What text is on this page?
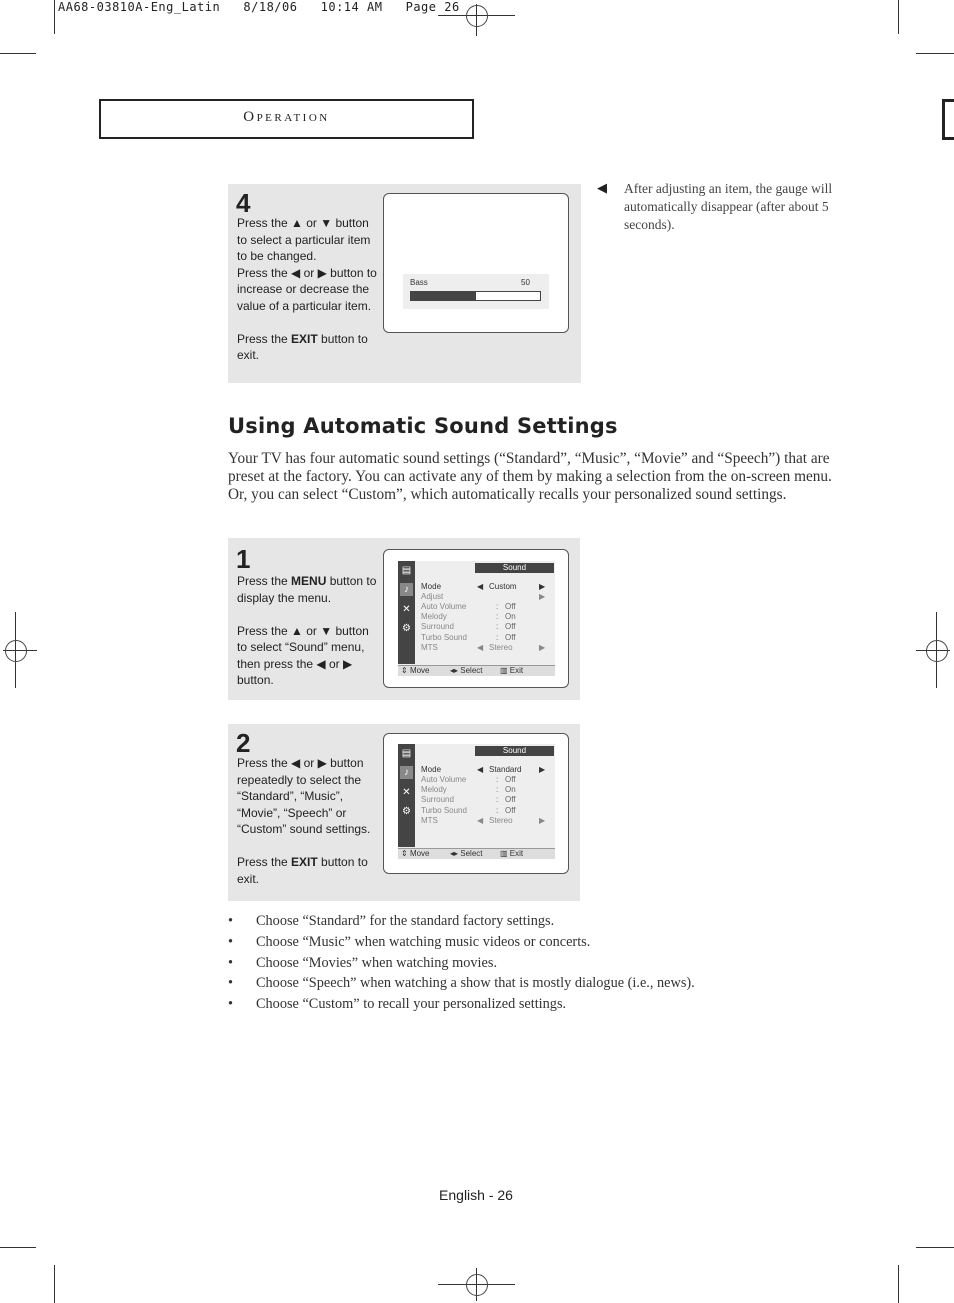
AA68-03810A-Eng_Latin   8/18/06   10:14 AM   Page 26
Operation
4
Press the ▲ or ▼ button to select a particular item to be changed.
Press the ◀ or ▶ button to increase or decrease the value of a particular item.

Press the EXIT button to exit.

Bass	50
◀ After adjusting an item, the gauge will automatically disappear (after about 5 seconds).
Using Automatic Sound Settings
Your TV has four automatic sound settings (“Standard”, “Music”, “Movie” and “Speech”) that are preset at the factory. You can activate any of them by making a selection from the on-screen menu. Or, you can select “Custom”, which automatically recalls your personalized sound settings.
1

Press the MENU button to display the menu.

Press the ▲ or ▼ button to select “Sound” menu, then press the ◀ or ▶ button.

▤
♪
✕
⚙
Sound
Mode	◀ Custom	▶
Adjust	▶
Auto Volume	: Off
Melody	: On
Surround	: Off
Turbo Sound	: Off
MTS	◀ Stereo	▶
⇕ Move	◂▸ Select ▥ Exit
2

Press the ◀ or ▶ button repeatedly to select the “Standard”, “Music”, “Movie”, “Speech” or “Custom” sound settings.

Press the EXIT button to exit.

▤
♪
✕
⚙
Sound
Mode	◀ Standard ▶
Auto Volume	: Off
Melody	: On
Surround	: Off
Turbo Sound	: Off
MTS	◀ Stereo	▶
⇕ Move	◂▸ Select ▥ Exit
• Choose “Standard” for the standard factory settings.
• Choose “Music” when watching music videos or concerts.
• Choose “Movies” when watching movies.
• Choose “Speech” when watching a show that is mostly dialogue (i.e., news).
• Choose “Custom” to recall your personalized settings.
English - 26
